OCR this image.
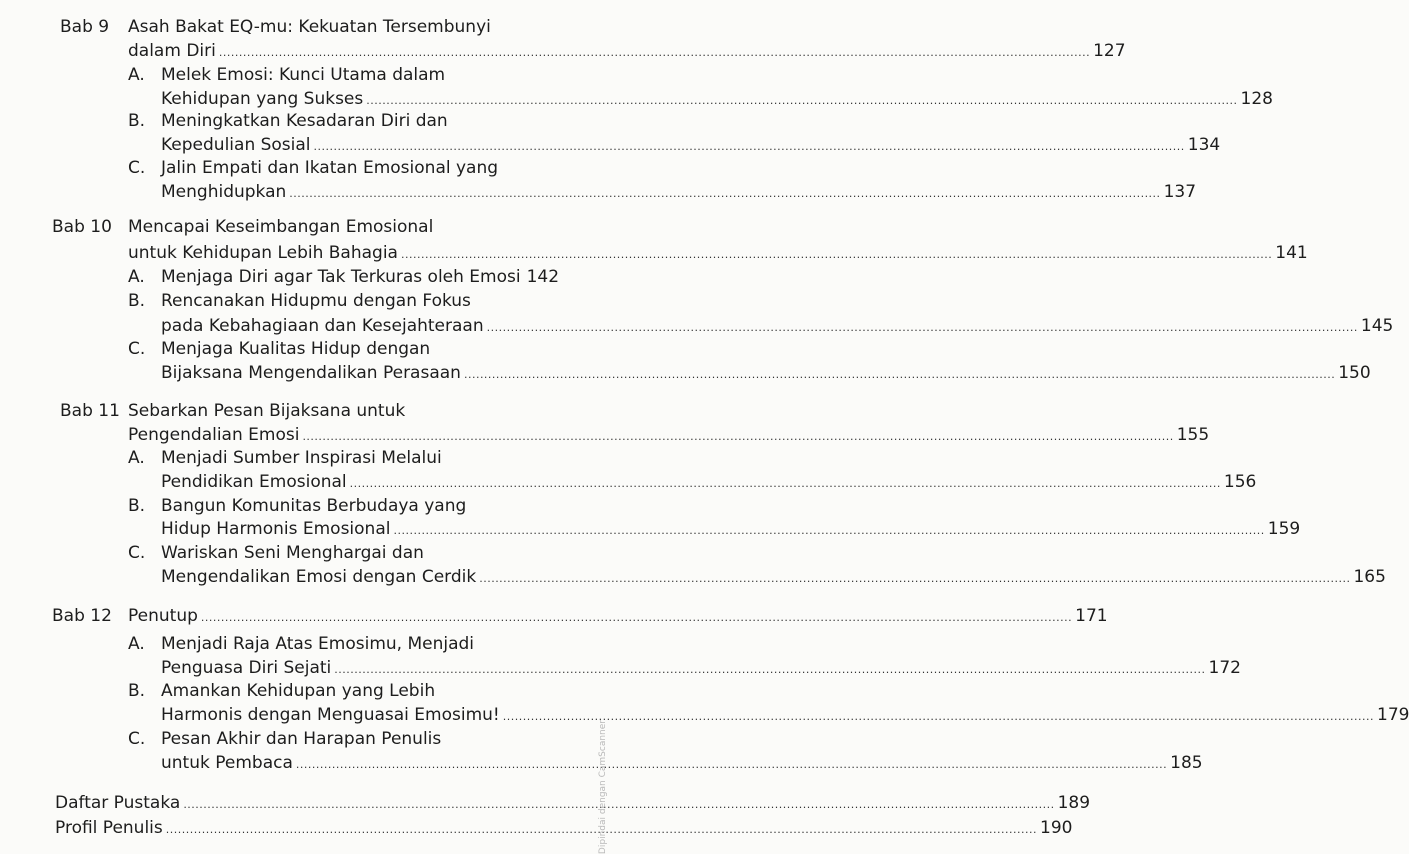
Bab 9 Asah Bakat EQ-mu: Kekuatan Tersembunyi
dalam Diri .....	127
A. Melek Emosi: Kunci Utama dalam
Kehidupan yang Sukses .....	128
B. Meningkatkan Kesadaran Diri dan
Kepedulian Sosial .....	134
C. Jalin Empati dan Ikatan Emosional yang
Menghidupkan .....	137
Bab 10 Mencapai Keseimbangan Emosional
untuk Kehidupan Lebih Bahagia .....	141
A. Menjaga Diri agar Tak Terkuras oleh Emosi 142
B. Rencanakan Hidupmu dengan Fokus
pada Kebahagiaan dan Kesejahteraan .....	145
C. Menjaga Kualitas Hidup dengan
Bijaksana Mengendalikan Perasaan .....	150
Bab 11 Sebarkan Pesan Bijaksana untuk
Pengendalian Emosi .....	155
A. Menjadi Sumber Inspirasi Melalui
Pendidikan Emosional .....	156
B. Bangun Komunitas Berbudaya yang
Hidup Harmonis Emosional .....	159
C. Wariskan Seni Menghargai dan
Mengendalikan Emosi dengan Cerdik .....	165
Bab 12 Penutup .....	171
A. Menjadi Raja Atas Emosimu, Menjadi
Penguasa Diri Sejati .....	172
B. Amankan Kehidupan yang Lebih
Harmonis dengan Menguasai Emosimu! .....	179
C. Pesan Akhir dan Harapan Penulis
untuk Pembaca .....	185
Daftar Pustaka .....	189
Profil Penulis .....	190
Dipindai dengan CamScanner
